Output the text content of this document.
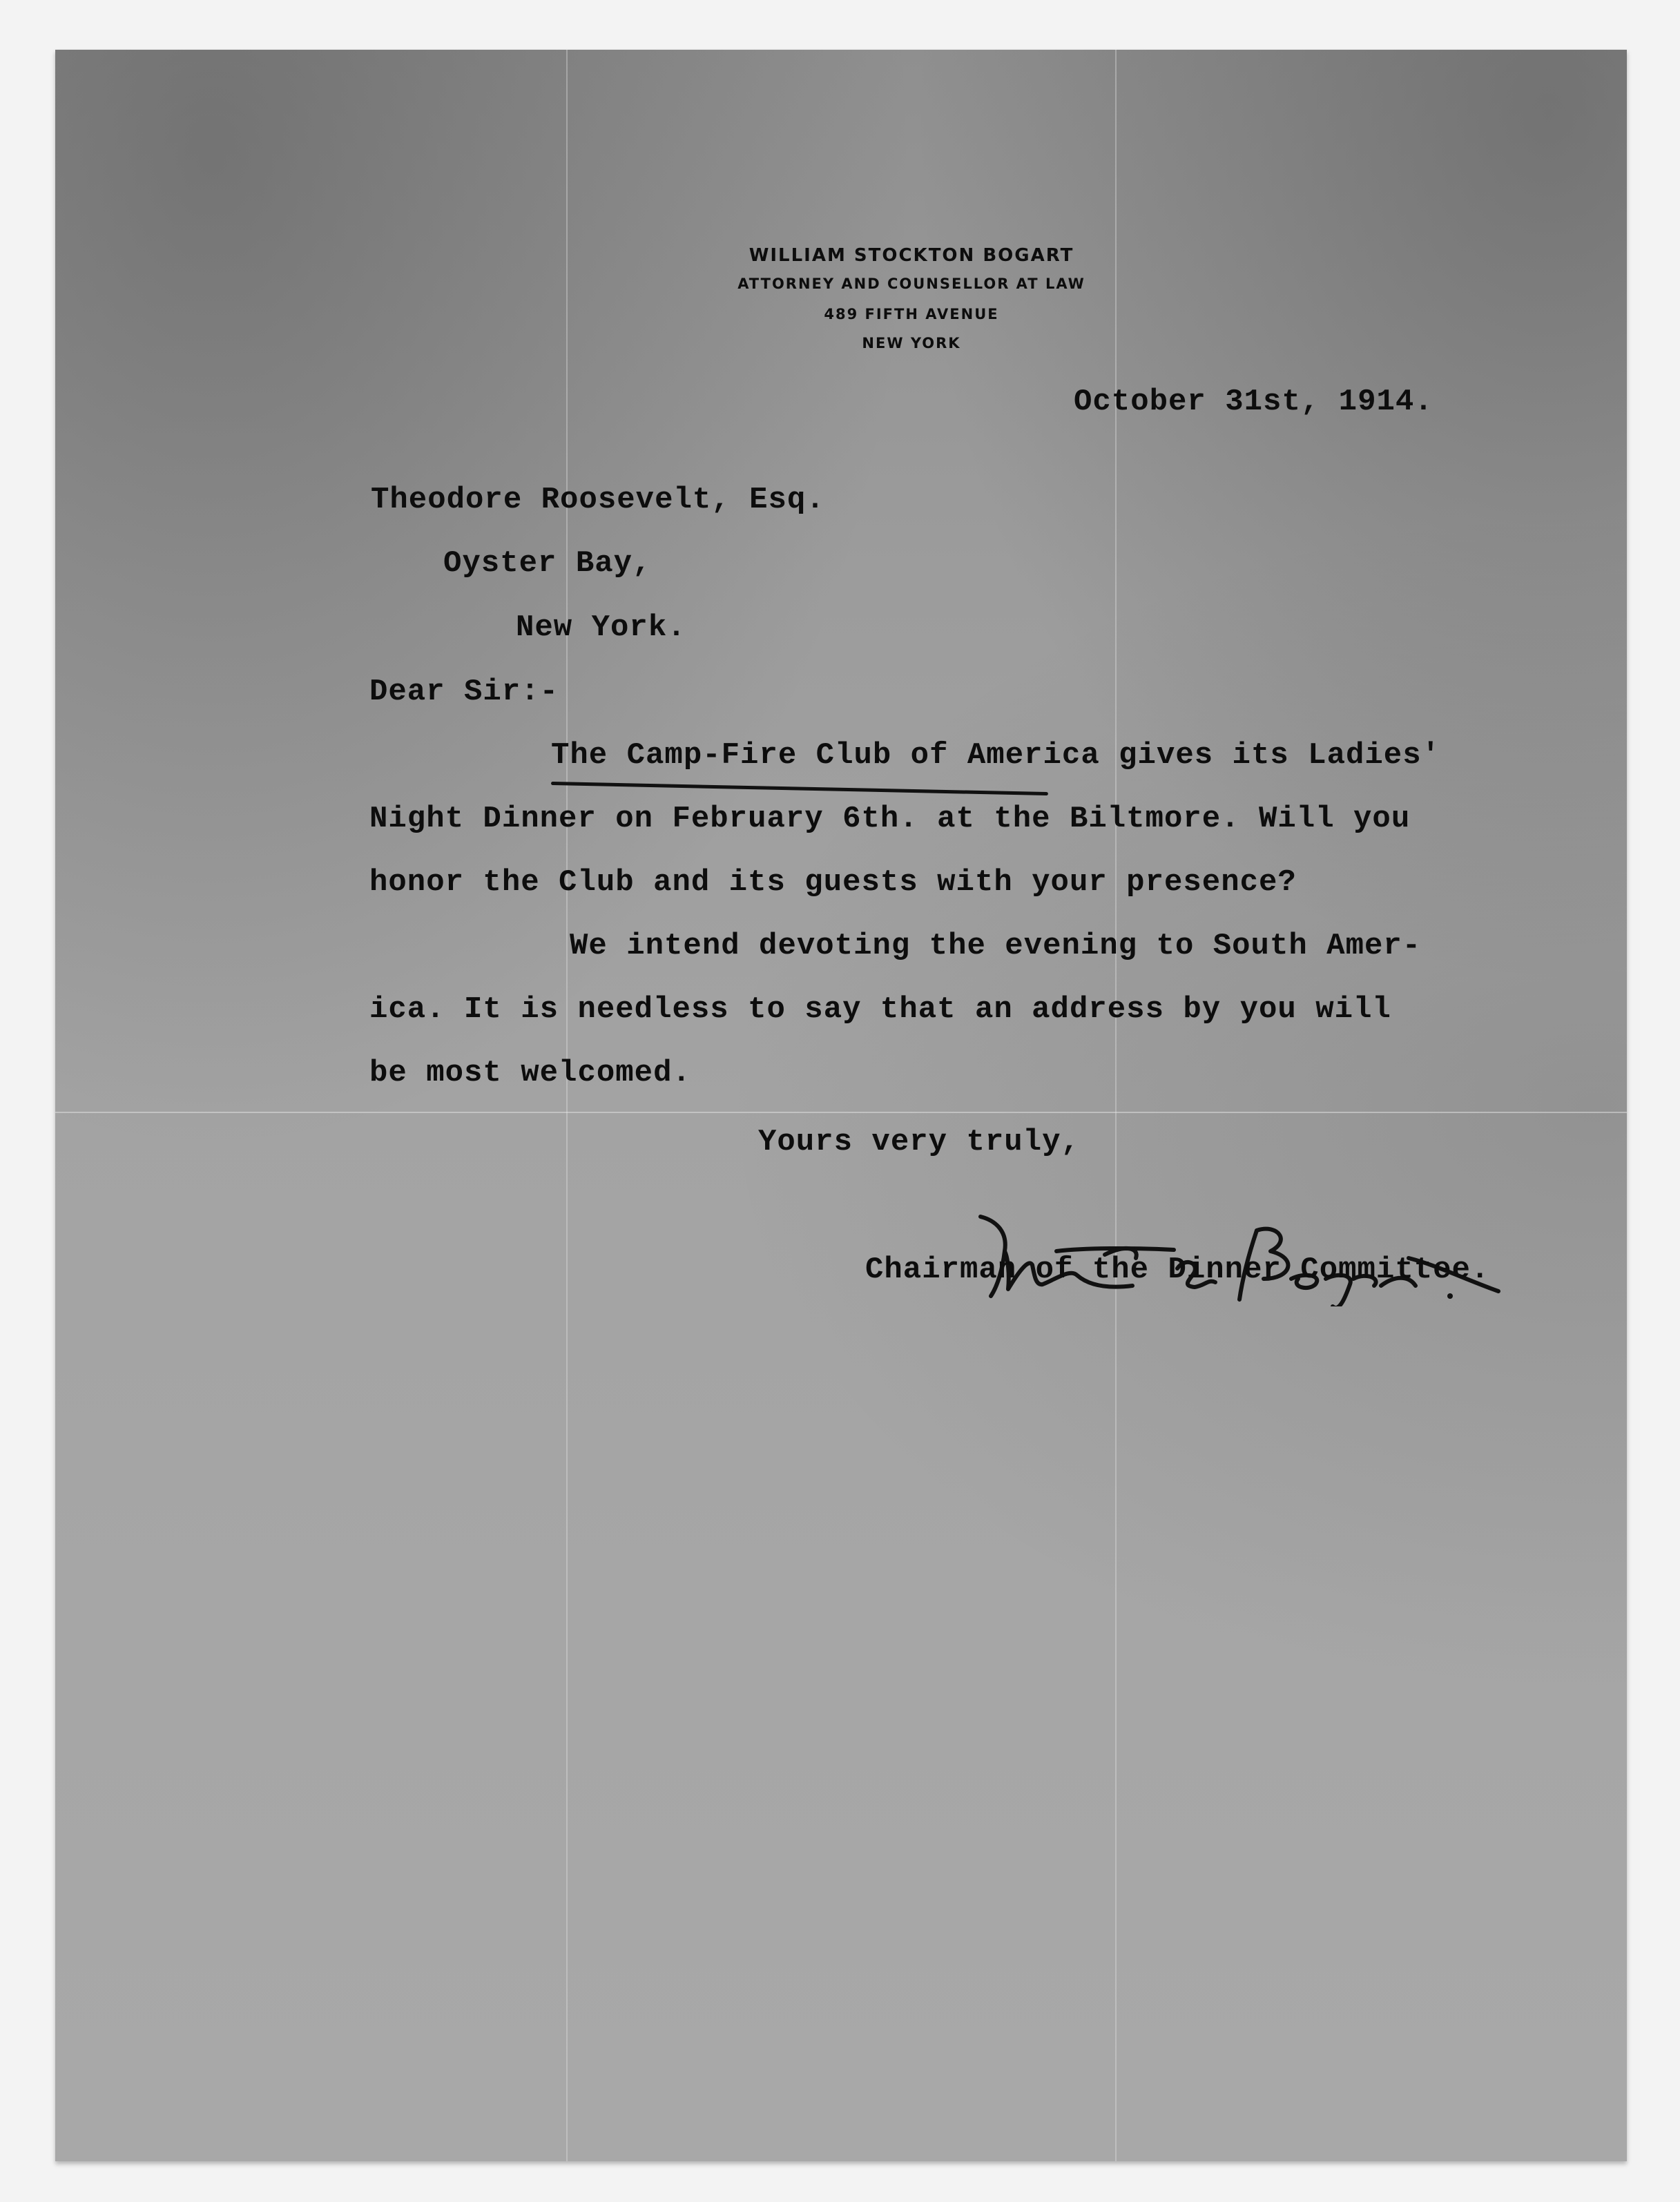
WILLIAM STOCKTON BOGART
ATTORNEY AND COUNSELLOR AT LAW
489 FIFTH AVENUE
NEW YORK
October 31st, 1914.
Theodore Roosevelt, Esq.
Oyster Bay,
New York.
Dear Sir:-
The Camp-Fire Club of America gives its Ladies'
Night Dinner on February 6th. at the Biltmore. Will you
honor the Club and its guests with your presence?
We intend devoting the evening to South Amer-
ica. It is needless to say that an address by you will
be most welcomed.
Yours very truly,
Chairman of the Dinner Committee.
